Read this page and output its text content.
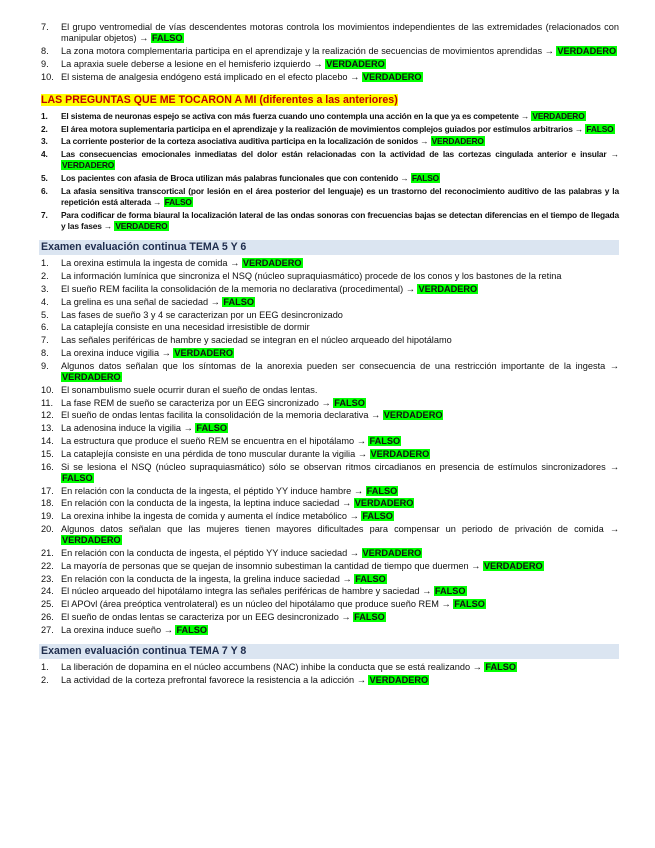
7. El grupo ventromedial de vías descendentes motoras controla los movimientos independientes de las extremidades (relacionados con manipular objetos) → FALSO
8. La zona motora complementaria participa en el aprendizaje y la realización de secuencias de movimientos aprendidas → VERDADERO
9. La apraxia suele deberse a lesione en el hemisferio izquierdo → VERDADERO
10. El sistema de analgesia endógeno está implicado en el efecto placebo → VERDADERO
LAS PREGUNTAS QUE ME TOCARON A MI (diferentes a las anteriores)
1. El sistema de neuronas espejo se activa con más fuerza cuando uno contempla una acción en la que ya es competente → VERDADERO
2. El área motora suplementaria participa en el aprendizaje y la realización de movimientos complejos guiados por estímulos arbitrarios → FALSO
3. La corriente posterior de la corteza asociativa auditiva participa en la localización de sonidos → VERDADERO
4. Las consecuencias emocionales inmediatas del dolor están relacionadas con la actividad de las cortezas cingulada anterior e insular → VERDADERO
5. Los pacientes con afasia de Broca utilizan más palabras funcionales que con contenido → FALSO
6. La afasia sensitiva transcortical (por lesión en el área posterior del lenguaje) es un trastorno del reconocimiento auditivo de las palabras y la repetición está alterada → FALSO
7. Para codificar de forma biaural la localización lateral de las ondas sonoras con frecuencias bajas se detectan diferencias en el tiempo de llegada y las fases → VERDADERO
Examen evaluación continua TEMA 5 Y 6
1. La orexina estimula la ingesta de comida → VERDADERO
2. La información lumínica que sincroniza el NSQ (núcleo supraquiasmático) procede de los conos y los bastones de la retina
3. El sueño REM facilita la consolidación de la memoria no declarativa (procedimental) → VERDADERO
4. La grelina es una señal de saciedad → FALSO
5. Las fases de sueño 3 y 4 se caracterizan por un EEG desincronizado
6. La cataplejía consiste en una necesidad irresistible de dormir
7. Las señales periféricas de hambre y saciedad se integran en el núcleo arqueado del hipotálamo
8. La orexina induce vigilia → VERDADERO
9. Algunos datos señalan que los síntomas de la anorexia pueden ser consecuencia de una restricción importante de la ingesta → VERDADERO
10. El sonambulismo suele ocurrir duran el sueño de ondas lentas.
11. La fase REM de sueño se caracteriza por un EEG sincronizado → FALSO
12. El sueño de ondas lentas facilita la consolidación de la memoria declarativa → VERDADERO
13. La adenosina induce la vigilia → FALSO
14. La estructura que produce el sueño REM se encuentra en el hipotálamo → FALSO
15. La cataplejía consiste en una pérdida de tono muscular durante la vigilia → VERDADERO
16. Si se lesiona el NSQ (núcleo supraquiasmático) sólo se observan ritmos circadianos en presencia de estímulos sincronizadores → FALSO
17. En relación con la conducta de la ingesta, el péptido YY induce hambre → FALSO
18. En relación con la conducta de la ingesta, la leptina induce saciedad → VERDADERO
19. La orexina inhibe la ingesta de comida y aumenta el índice metabólico → FALSO
20. Algunos datos señalan que las mujeres tienen mayores dificultades para compensar un periodo de privación de comida → VERDADERO
21. En relación con la conducta de ingesta, el péptido YY induce saciedad → VERDADERO
22. La mayoría de personas que se quejan de insomnio subestiman la cantidad de tiempo que duermen → VERDADERO
23. En relación con la conducta de la ingesta, la grelina induce saciedad → FALSO
24. El núcleo arqueado del hipotálamo integra las señales periféricas de hambre y saciedad → FALSO
25. El APOvl (área preóptica ventrolateral) es un núcleo del hipotálamo que produce sueño REM → FALSO
26. El sueño de ondas lentas se caracteriza por un EEG desincronizado → FALSO
27. La orexina induce sueño → FALSO
Examen evaluación continua TEMA 7 Y 8
1. La liberación de dopamina en el núcleo accumbens (NAC) inhibe la conducta que se está realizando → FALSO
2. La actividad de la corteza prefrontal favorece la resistencia a la adicción → VERDADERO
